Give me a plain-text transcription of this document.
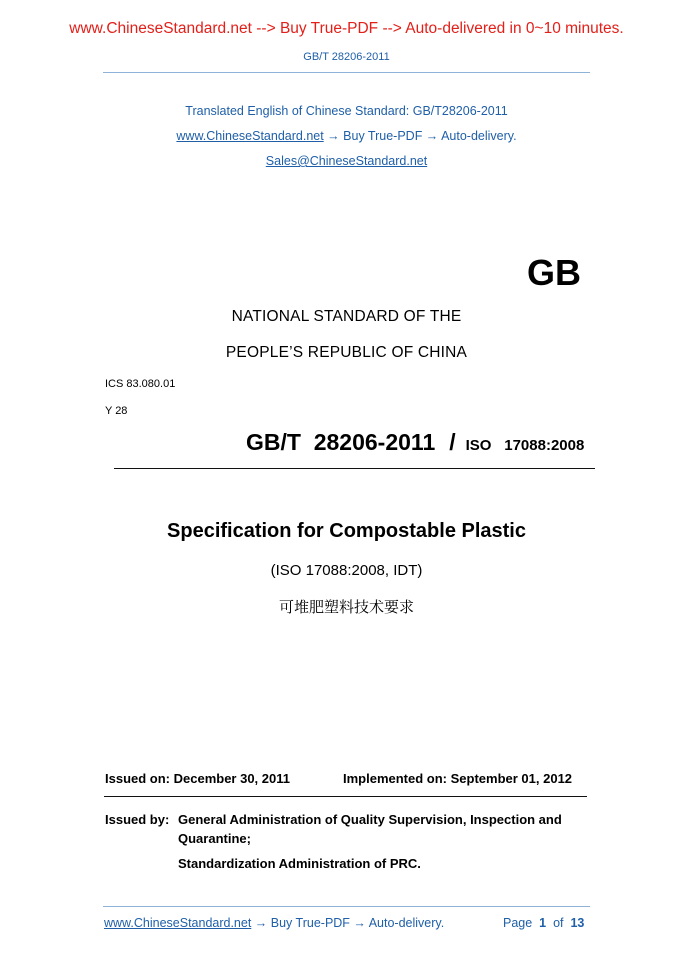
www.ChineseStandard.net --> Buy True-PDF --> Auto-delivered in 0~10 minutes.
GB/T 28206-2011
Translated English of Chinese Standard: GB/T28206-2011
www.ChineseStandard.net → Buy True-PDF → Auto-delivery.
Sales@ChineseStandard.net
GB
NATIONAL STANDARD OF THE
PEOPLE’S REPUBLIC OF CHINA
ICS 83.080.01
Y 28
GB/T  28206-2011 / ISO 17088:2008
Specification for Compostable Plastic
(ISO 17088:2008, IDT)
可堆肥塑料技术要求
Issued on: December 30, 2011	Implemented on: September 01, 2012
Issued by: General Administration of Quality Supervision, Inspection and
Quarantine;
Standardization Administration of PRC.
www.ChineseStandard.net → Buy True-PDF → Auto-delivery.	Page 1 of 13
